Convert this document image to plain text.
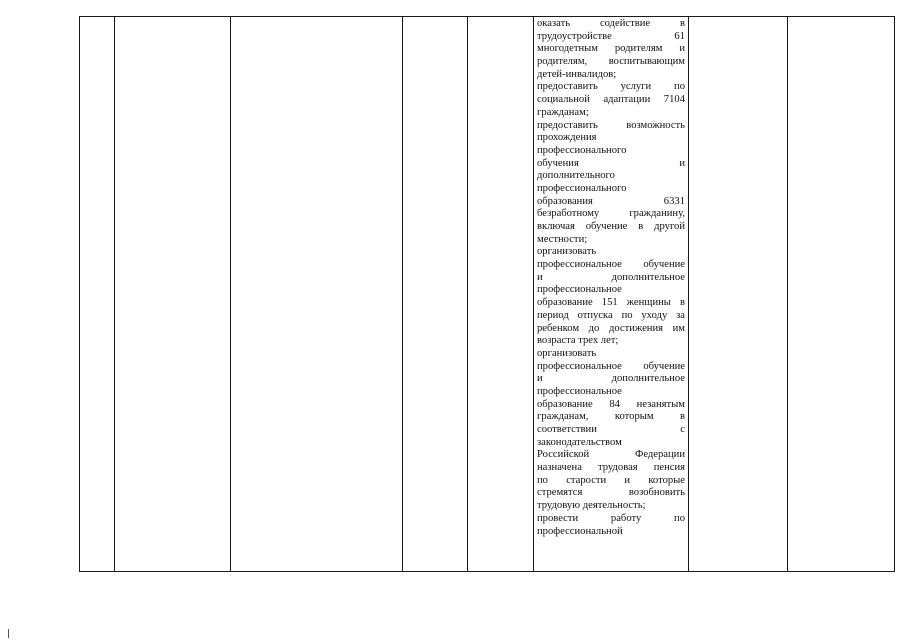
оказать содействие в
трудоустройстве 61
многодетным родителям и
родителям, воспитывающим
детей-инвалидов;
предоставить услуги по
социальной адаптации 7104
гражданам;
предоставить возможность
прохождения
профессионального
обучения и
дополнительного
профессионального
образования 6331
безработному гражданину,
включая обучение в другой
местности;
организовать
профессиональное обучение
и дополнительное
профессиональное
образование 151 женщины в
период отпуска по уходу за
ребенком до достижения им
возраста трех лет;
организовать
профессиональное обучение
и дополнительное
профессиональное
образование 84 незанятым
гражданам, которым в
соответствии с
законодательством
Российской Федерации
назначена трудовая пенсия
по старости и которые
стремятся возобновить
трудовую деятельность;
провести работу по
профессиональной
